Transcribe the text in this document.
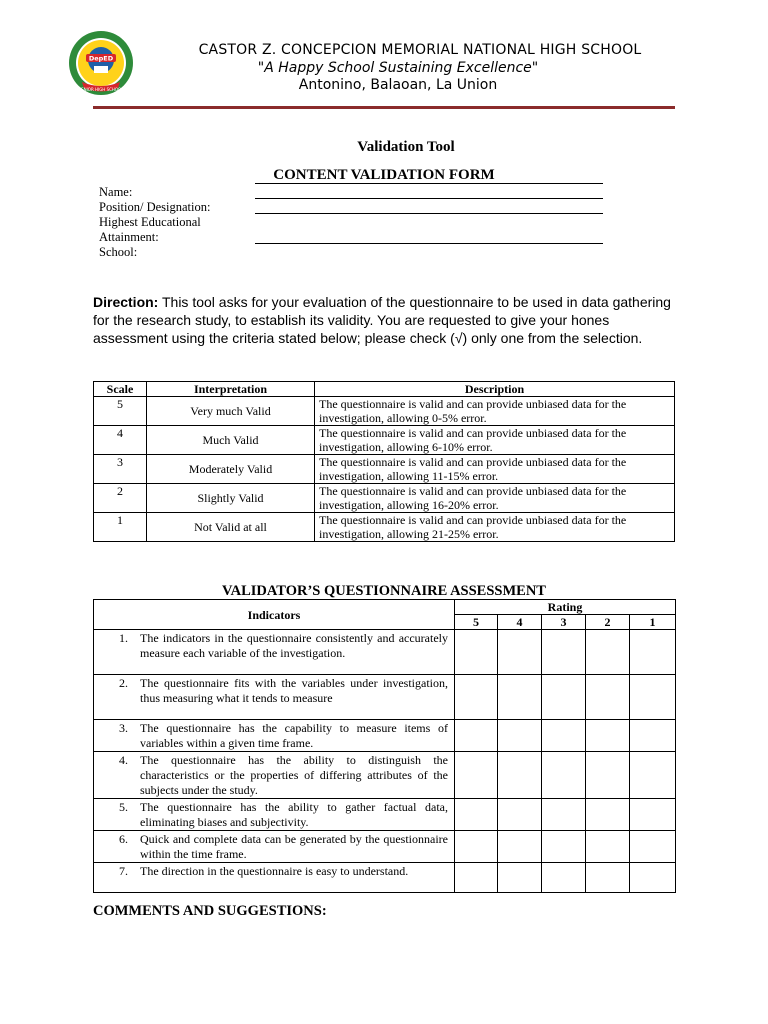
DepED
SENIOR HIGH SCHOOL
CASTOR Z. CONCEPCION MEMORIAL NATIONAL HIGH SCHOOL
"A Happy School Sustaining Excellence"
Antonino, Balaoan, La Union
Validation Tool
CONTENT VALIDATION FORM
Name:
Position/ Designation:
Highest Educational
Attainment:
School:
Direction: This tool asks for your evaluation of the questionnaire to be used in data gathering for the research study, to establish its validity. You are requested to give your hones assessment using the criteria stated below; please check (√) only one from the selection.
Scale	Interpretation	Description
5	Very much Valid	The questionnaire is valid and can provide unbiased data for the investigation, allowing 0-5% error.
4	Much Valid	The questionnaire is valid and can provide unbiased data for the investigation, allowing 6-10% error.
3	Moderately Valid	The questionnaire is valid and can provide unbiased data for the investigation, allowing 11-15% error.
2	Slightly Valid	The questionnaire is valid and can provide unbiased data for the investigation, allowing 16-20% error.
1	Not Valid at all	The questionnaire is valid and can provide unbiased data for the investigation, allowing 21-25% error.
VALIDATOR’S QUESTIONNAIRE ASSESSMENT
Indicators	Rating				
	5	4	3	2	1

1. The indicators in the questionnaire consistently and accurately measure each variable of the investigation.					

2. The questionnaire fits with the variables under investigation, thus measuring what it tends to measure					

3. The questionnaire has the capability to measure items of variables within a given time frame.					

4. The questionnaire has the ability to distinguish the characteristics or the properties of differing attributes of the subjects under the study.					

5. The questionnaire has the ability to gather factual data, eliminating biases and subjectivity.					

6. Quick and complete data can be generated by the questionnaire within the time frame.					

7. The direction in the questionnaire is easy to understand.					

COMMENTS AND SUGGESTIONS:
